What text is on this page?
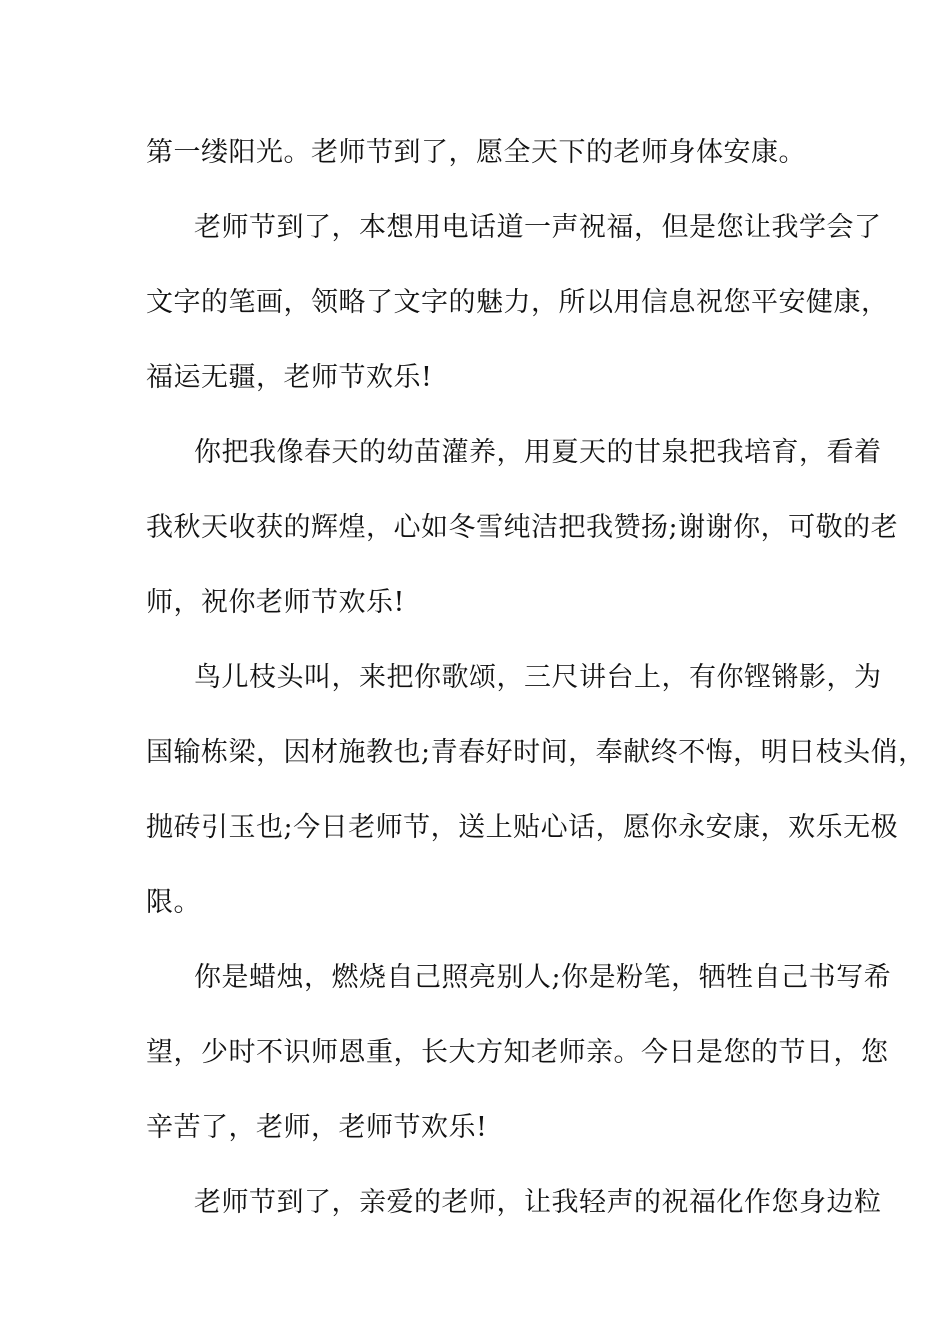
第一缕阳光。老师节到了，愿全天下的老师身体安康。
老师节到了，本想用电话道一声祝福，但是您让我学会了
文字的笔画，领略了文字的魅力，所以用信息祝您平安健康，
福运无疆，老师节欢乐!
你把我像春天的幼苗灌养，用夏天的甘泉把我培育，看着
我秋天收获的辉煌，心如冬雪纯洁把我赞扬;谢谢你，可敬的老
师，祝你老师节欢乐!
鸟儿枝头叫，来把你歌颂，三尺讲台上，有你铿锵影，为
国输栋梁，因材施教也;青春好时间，奉献终不悔，明日枝头俏，
抛砖引玉也;今日老师节，送上贴心话，愿你永安康，欢乐无极
限。
你是蜡烛，燃烧自己照亮别人;你是粉笔，牺牲自己书写希
望，少时不识师恩重，长大方知老师亲。今日是您的节日，您
辛苦了，老师，老师节欢乐!
老师节到了，亲爱的老师，让我轻声的祝福化作您身边粒
